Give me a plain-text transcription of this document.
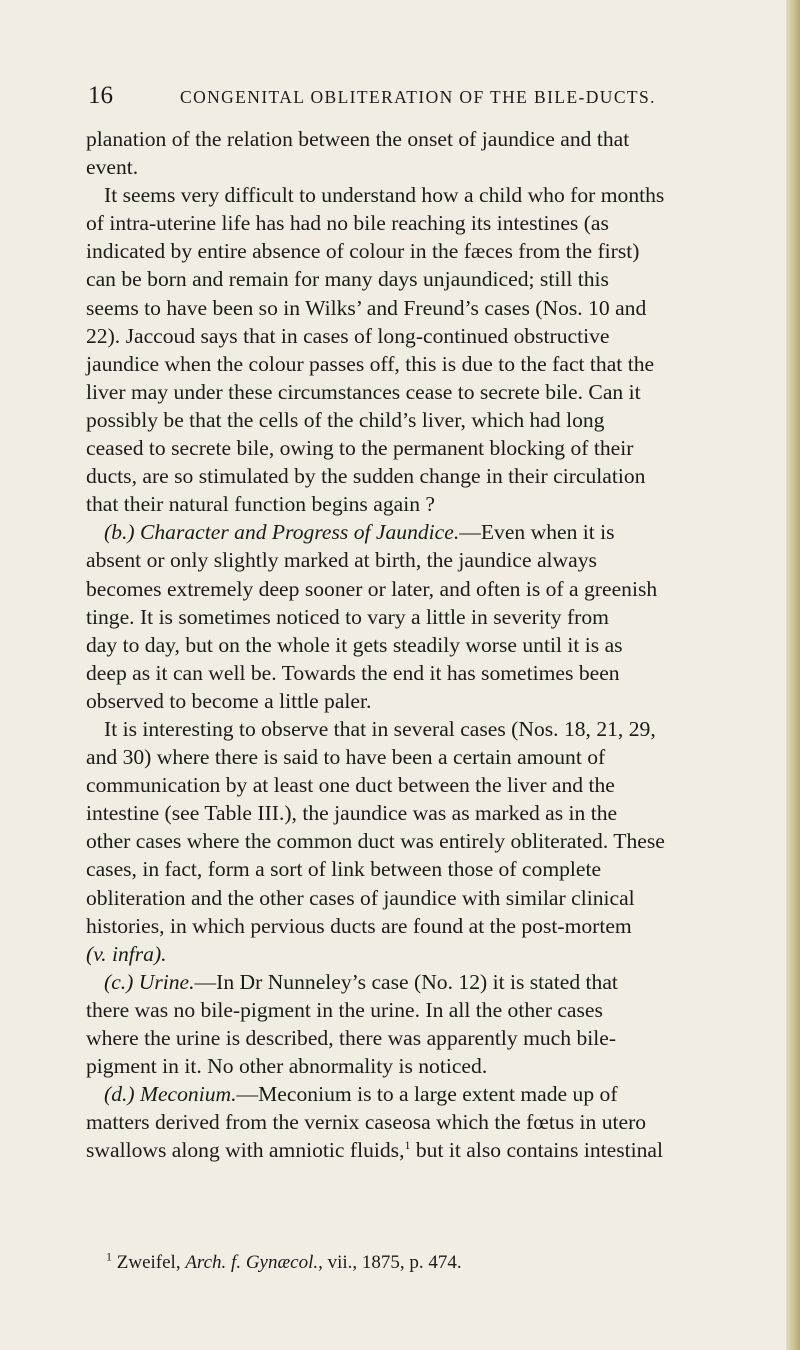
16	CONGENITAL OBLITERATION OF THE BILE-DUCTS.
planation of the relation between the onset of jaundice and that
event.
It seems very difficult to understand how a child who for months
of intra-uterine life has had no bile reaching its intestines (as
indicated by entire absence of colour in the fæces from the first)
can be born and remain for many days unjaundiced; still this
seems to have been so in Wilks’ and Freund’s cases (Nos. 10 and
22). Jaccoud says that in cases of long-continued obstructive
jaundice when the colour passes off, this is due to the fact that the
liver may under these circumstances cease to secrete bile. Can it
possibly be that the cells of the child’s liver, which had long
ceased to secrete bile, owing to the permanent blocking of their
ducts, are so stimulated by the sudden change in their circulation
that their natural function begins again ?
(b.) Character and Progress of Jaundice.—Even when it is
absent or only slightly marked at birth, the jaundice always
becomes extremely deep sooner or later, and often is of a greenish
tinge. It is sometimes noticed to vary a little in severity from
day to day, but on the whole it gets steadily worse until it is as
deep as it can well be. Towards the end it has sometimes been
observed to become a little paler.
It is interesting to observe that in several cases (Nos. 18, 21, 29,
and 30) where there is said to have been a certain amount of
communication by at least one duct between the liver and the
intestine (see Table III.), the jaundice was as marked as in the
other cases where the common duct was entirely obliterated. These
cases, in fact, form a sort of link between those of complete
obliteration and the other cases of jaundice with similar clinical
histories, in which pervious ducts are found at the post-mortem
(v. infra).
(c.) Urine.—In Dr Nunneley’s case (No. 12) it is stated that
there was no bile-pigment in the urine. In all the other cases
where the urine is described, there was apparently much bile-
pigment in it. No other abnormality is noticed.
(d.) Meconium.—Meconium is to a large extent made up of
matters derived from the vernix caseosa which the fœtus in utero
swallows along with amniotic fluids,$^1$ but it also contains intestinal
$^1$ Zweifel, Arch. f. Gynæcol., vii., 1875, p. 474.
